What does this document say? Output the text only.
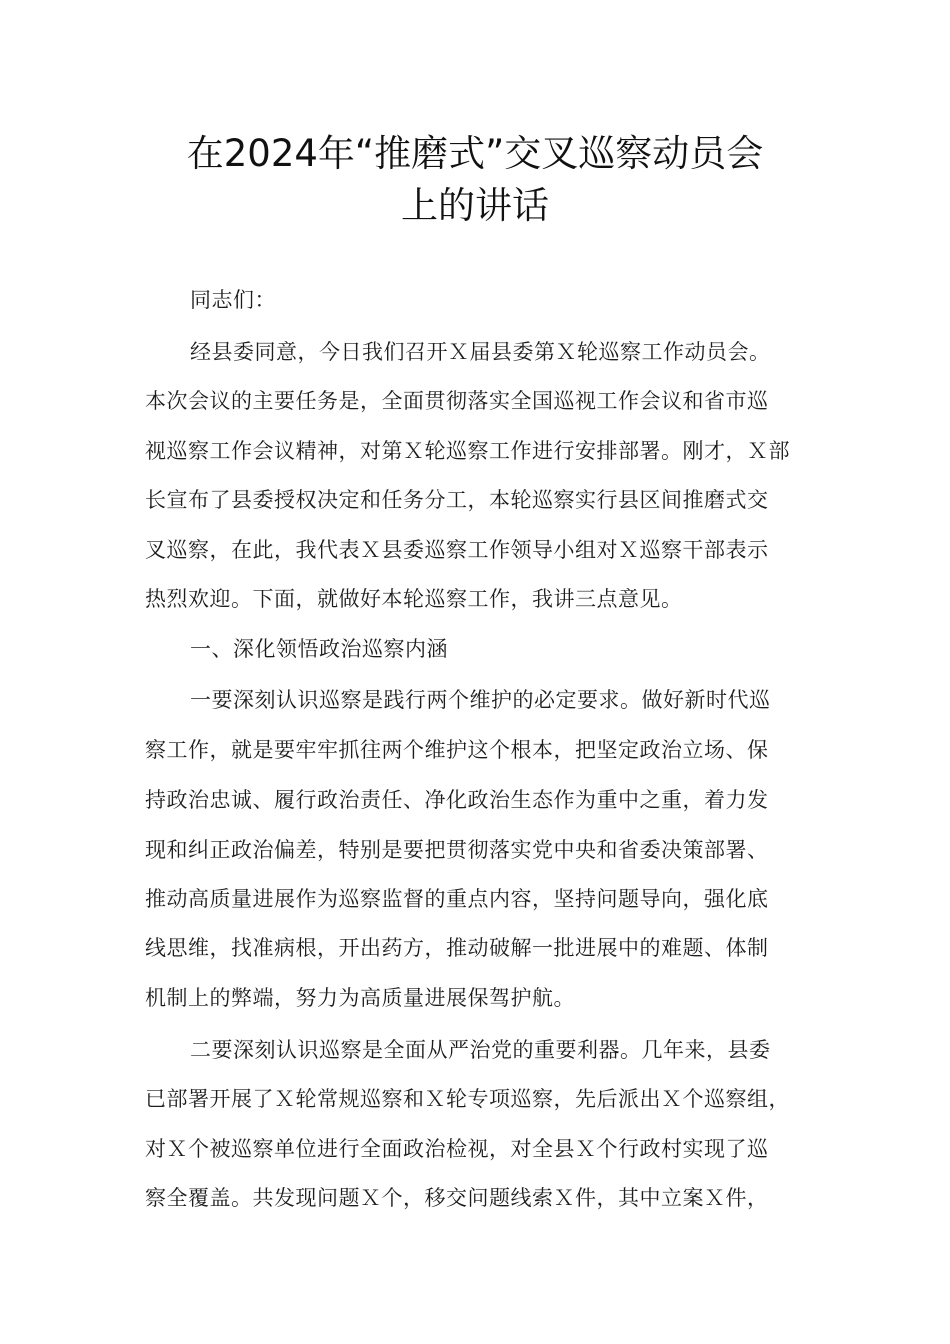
在2024年“推磨式”交叉巡察动员会
上的讲话
同志们：
经县委同意，今日我们召开Ｘ届县委第Ｘ轮巡察工作动员会。
本次会议的主要任务是，全面贯彻落实全国巡视工作会议和省市巡
视巡察工作会议精神，对第Ｘ轮巡察工作进行安排部署。刚才，Ｘ部
长宣布了县委授权决定和任务分工，本轮巡察实行县区间推磨式交
叉巡察，在此，我代表Ｘ县委巡察工作领导小组对Ｘ巡察干部表示
热烈欢迎。下面，就做好本轮巡察工作，我讲三点意见。
一、深化领悟政治巡察内涵
一要深刻认识巡察是践行两个维护的必定要求。做好新时代巡
察工作，就是要牢牢抓往两个维护这个根本，把坚定政治立场、保
持政治忠诚、履行政治责任、净化政治生态作为重中之重，着力发
现和纠正政治偏差，特别是要把贯彻落实党中央和省委决策部署、
推动高质量进展作为巡察监督的重点内容，坚持问题导向，强化底
线思维，找准病根，开出药方，推动破解一批进展中的难题、体制
机制上的弊端，努力为高质量进展保驾护航。
二要深刻认识巡察是全面从严治党的重要利器。几年来，县委
已部署开展了Ｘ轮常规巡察和Ｘ轮专项巡察，先后派出Ｘ个巡察组，
对Ｘ个被巡察单位进行全面政治检视，对全县Ｘ个行政村实现了巡
察全覆盖。共发现问题Ｘ个，移交问题线索Ｘ件，其中立案Ｘ件，
